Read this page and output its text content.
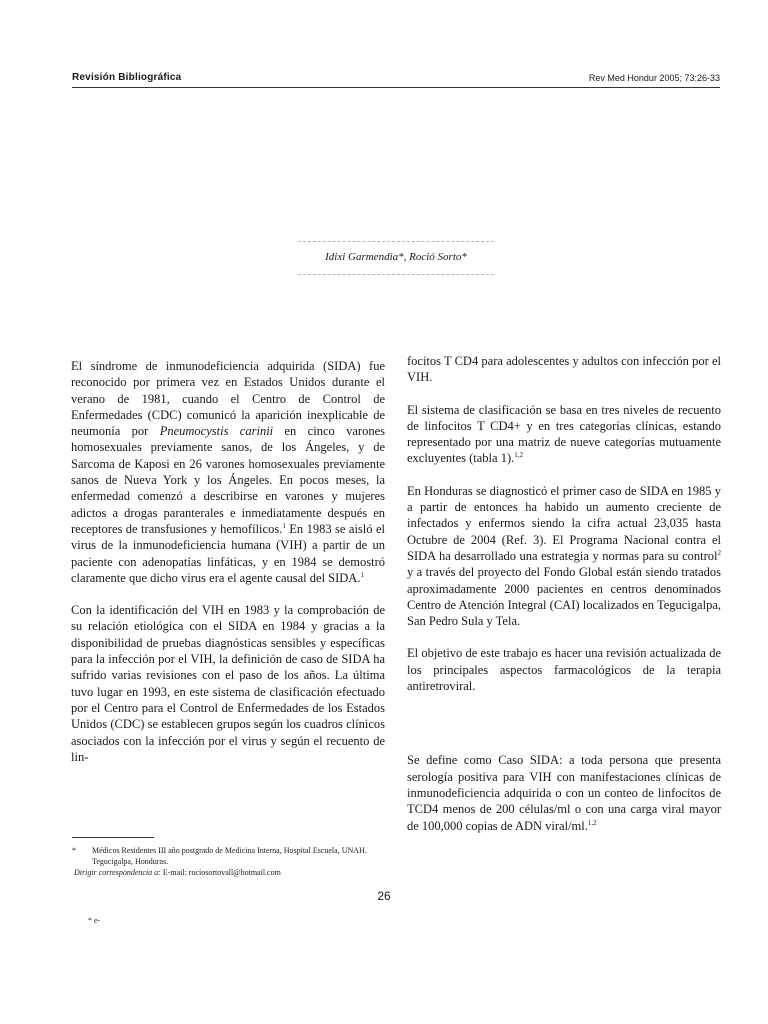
Revisión Bibliográfica	Rev Med Hondur 2005; 73:26-33
Idixi Garmendia*, Roció Sorto*

El síndrome de inmunodeficiencia adquirida (SIDA) fue reconocido por primera vez en Estados Unidos durante el verano de 1981, cuando el Centro de Control de Enfermedades (CDC) comunicó la aparición inexplicable de neumonía por Pneumocystis carinii en cinco varones homosexuales previamente sanos, de los Ángeles, y de Sarcoma de Kaposi en 26 varones homosexuales previamente sanos de Nueva York y los Ángeles. En pocos meses, la enfermedad comenzó a describirse en varones y mujeres adictos a drogas paranterales e inmediatamente después en receptores de transfusiones y hemofílicos.$^1$ En 1983 se aisló el virus de la inmunodeficiencia humana (VIH) a partir de un paciente con adenopatías linfáticas, y en 1984 se demostró claramente que dicho virus era el agente causal del SIDA.$^1$

Con la identificación del VIH en 1983 y la comprobación de su relación etiológica con el SIDA en 1984 y gracias a la disponibilidad de pruebas diagnósticas sensibles y específicas para la infección por el VIH, la definición de caso de SIDA ha sufrido varias revisiones con el paso de los años. La última tuvo lugar en 1993, en este sistema de clasificación efectuado por el Centro para el Control de Enfermedades de los Estados Unidos (CDC) se establecen grupos según los cuadros clínicos asociados con la infección por el virus y según el recuento de lin-

focitos T CD4 para adolescentes y adultos con infección por el VIH.

El sistema de clasificación se basa en tres niveles de recuento de linfocitos T CD4+ y en tres categorías clínicas, estando representado por una matriz de nueve categorías mutuamente excluyentes (tabla 1).$^{1,2}$

En Honduras se diagnosticó el primer caso de SIDA en 1985 y a partir de entonces ha habido un aumento creciente de infectados y enfermos siendo la cifra actual 23,035 hasta Octubre de 2004 (Ref. 3). El Programa Nacional contra el SIDA ha desarrollado una estrategia y normas para su control$^2$ y a través del proyecto del Fondo Global están siendo tratados aproximadamente 2000 pacientes en centros denominados Centro de Atención Integral (CAI) localizados en Tegucigalpa, San Pedro Sula y Tela.

El objetivo de este trabajo es hacer una revisión actualizada de los principales aspectos farmacológicos de la terapia antiretroviral.

Se define como Caso SIDA: a toda persona que presenta serología positiva para VIH con manifestaciones clínicas de inmunodeficiencia adquirida o con un conteo de linfocitos de TCD4 menos de 200 células/ml o con una carga viral mayor de 100,000 copias de ADN viral/ml.$^{1,2}$

*	Médicos Residentes III año postgrado de Medicina Interna, Hospital Escuela, UNAH. Tegucigalpa, Honduras.
Dirigir correspondencia a: E-mail: rociosortovall@hotmail.com
26
* e-
